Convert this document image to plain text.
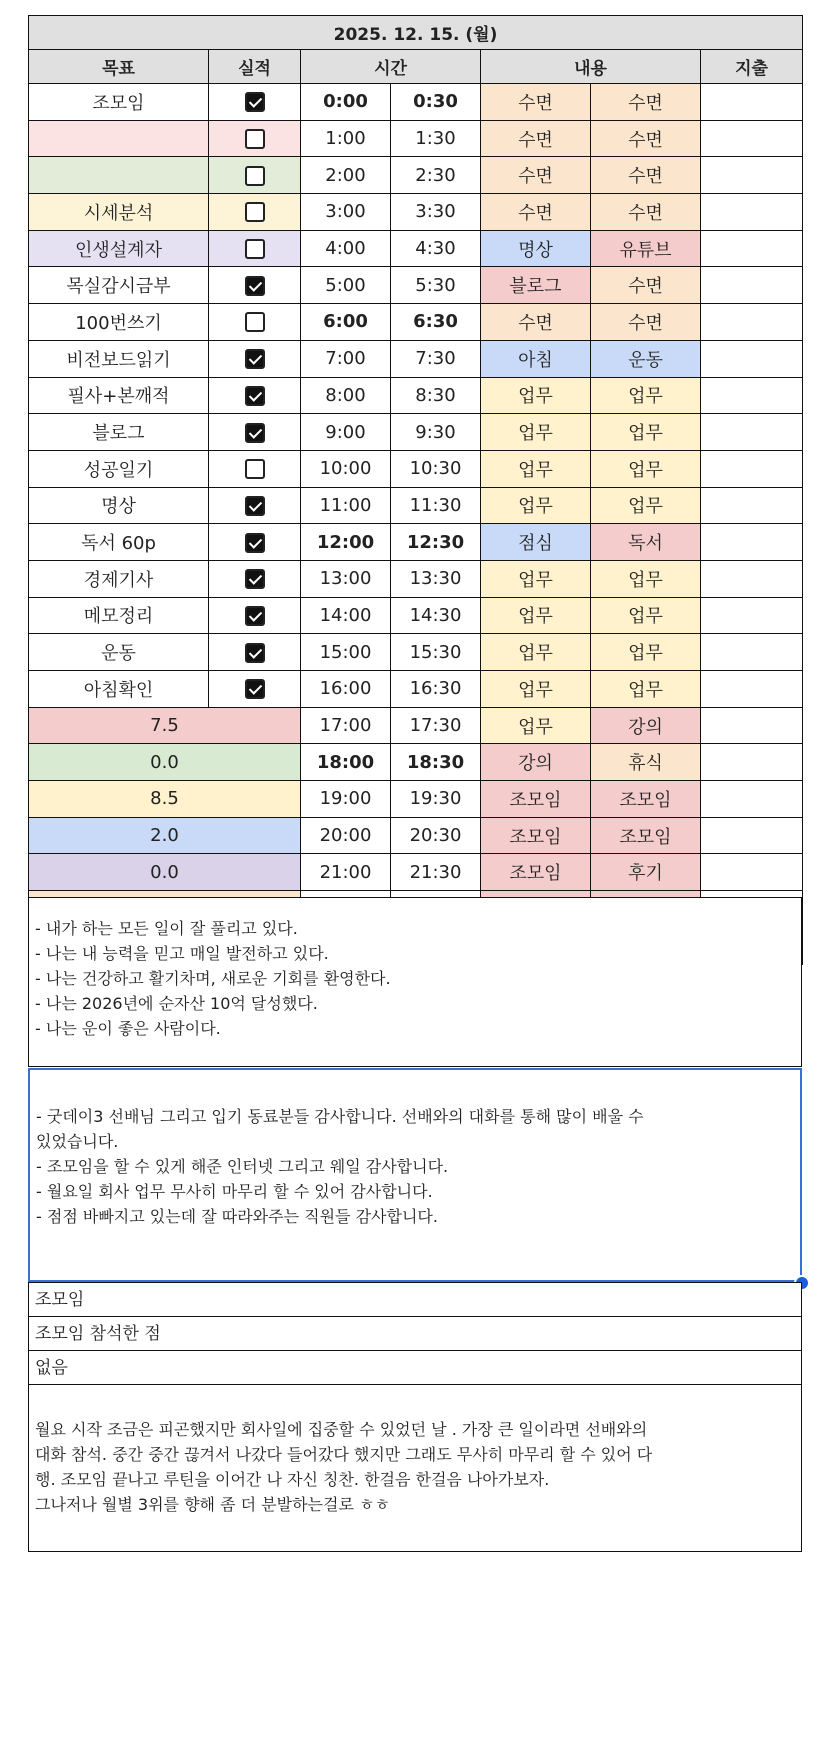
2025. 12. 15. (월)						
목표	실적	시간		내용		지출
조모임		0:00	0:30	수면	수면	
		1:00	1:30	수면	수면	
		2:00	2:30	수면	수면	
시세분석		3:00	3:30	수면	수면	
인생설계자		4:00	4:30	명상	유튜브	
목실감시금부		5:00	5:30	블로그	수면	
100번쓰기		6:00	6:30	수면	수면	
비전보드읽기		7:00	7:30	아침	운동	
필사+본깨적		8:00	8:30	업무	업무	
블로그		9:00	9:30	업무	업무	
성공일기		10:00	10:30	업무	업무	
명상		11:00	11:30	업무	업무	
독서 60p		12:00	12:30	점심	독서	
경제기사		13:00	13:30	업무	업무	
메모정리		14:00	14:30	업무	업무	
운동		15:00	15:30	업무	업무	
아침확인		16:00	16:30	업무	업무	
7.5		17:00	17:30	업무	강의	
0.0		18:00	18:30	강의	휴식	
8.5		19:00	19:30	조모임	조모임	
2.0		20:00	20:30	조모임	조모임	
0.0		21:00	21:30	조모임	후기	

- 내가 하는 모든 일이 잘 풀리고 있다.
- 나는 내 능력을 믿고 매일 발전하고 있다.
- 나는 건강하고 활기차며, 새로운 기회를 환영한다.
- 나는 2026년에 순자산 10억 달성했다.
- 나는 운이 좋은 사람이다.
- 굿데이3 선배님 그리고 입기 동료분들 감사합니다. 선배와의 대화를 통해 많이 배울 수
있었습니다.
- 조모임을 할 수 있게 해준 인터넷 그리고 웨일 감사합니다.
- 월요일 회사 업무 무사히 마무리 할 수 있어 감사합니다.
- 점점 바빠지고 있는데 잘 따라와주는 직원들 감사합니다.
조모임
조모임 참석한 점
없음
월요 시작 조금은 피곤했지만 회사일에 집중할 수 있었던 날 . 가장 큰 일이라면 선배와의
대화 참석. 중간 중간 끊겨서 나갔다 들어갔다 했지만 그래도 무사히 마무리 할 수 있어 다
행. 조모임 끝나고 루틴을 이어간 나 자신 칭찬. 한걸음 한걸음 나아가보자.
그나저나 월별 3위를 향해 좀 더 분발하는걸로 ㅎㅎ
